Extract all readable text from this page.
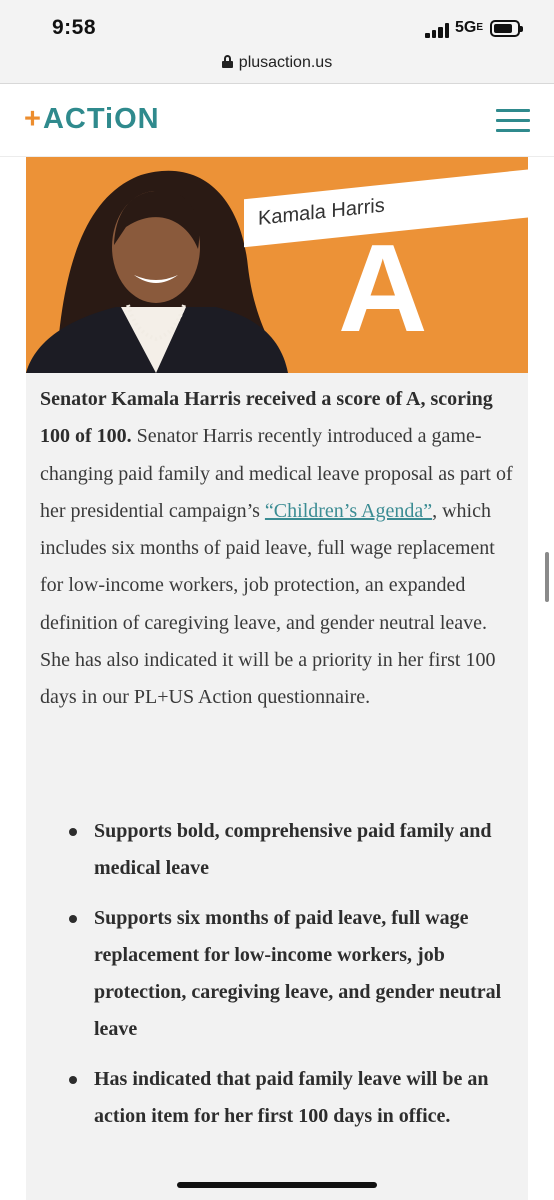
9:58	5GE
plusaction.us
+ACTiON
Kamala Harris
A

Senator Kamala Harris received a score of A, scoring 100 of 100. Senator Harris recently introduced a game-changing paid family and medical leave proposal as part of her presidential campaign’s “Children’s Agenda”, which includes six months of paid leave, full wage replacement for low-income workers, job protection, an expanded definition of caregiving leave, and gender neutral leave. She has also indicated it will be a priority in her first 100 days in our PL+US Action questionnaire.

Supports bold, comprehensive paid family and medical leave
Supports six months of paid leave, full wage replacement for low-income workers, job protection, caregiving leave, and gender neutral leave
Has indicated that paid family leave will be an action item for her first 100 days in office.
